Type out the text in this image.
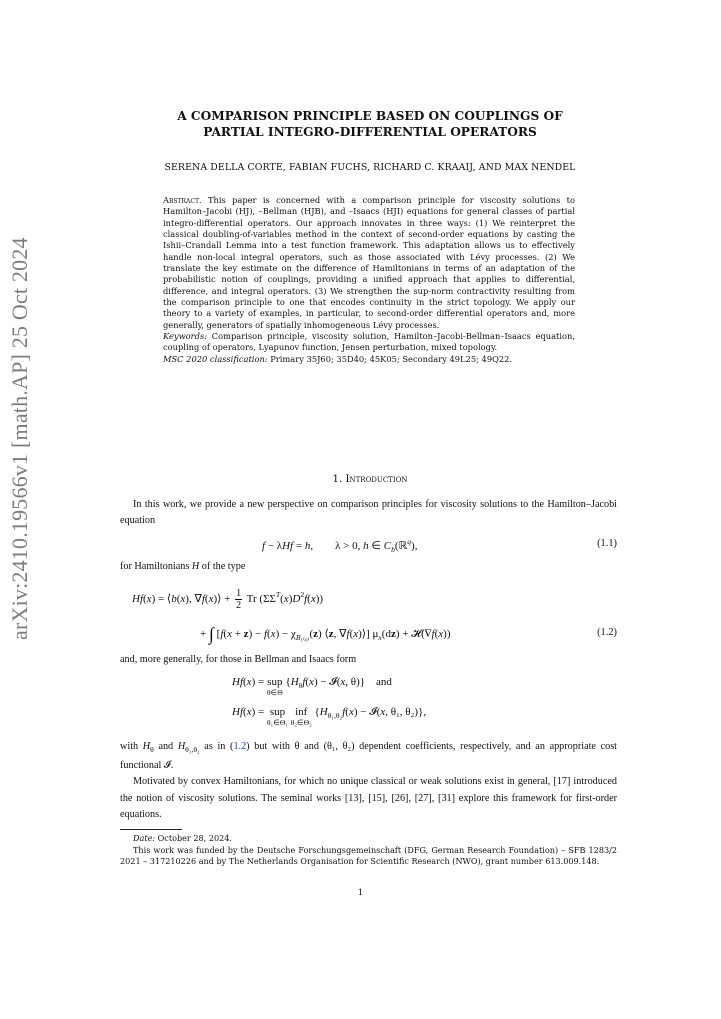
arXiv:2410.19566v1 [math.AP] 25 Oct 2024
A COMPARISON PRINCIPLE BASED ON COUPLINGS OF
PARTIAL INTEGRO-DIFFERENTIAL OPERATORS
SERENA DELLA CORTE, FABIAN FUCHS, RICHARD C. KRAAIJ, AND MAX NENDEL

Abstract. This paper is concerned with a comparison principle for viscosity solutions to Hamilton–Jacobi (HJ), –Bellman (HJB), and –Isaacs (HJI) equations for general classes of partial integro-differential operators. Our approach innovates in three ways: (1) We reinterpret the classical doubling-of-variables method in the context of second-order equations by casting the Ishii–Crandall Lemma into a test function framework. This adaptation allows us to effectively handle non-local integral operators, such as those associated with Lévy processes. (2) We translate the key estimate on the difference of Hamiltonians in terms of an adaptation of the probabilistic notion of couplings, providing a unified approach that applies to differential, difference, and integral operators. (3) We strengthen the sup-norm contractivity resulting from the comparison principle to one that encodes continuity in the strict topology. We apply our theory to a variety of examples, in particular, to second-order differential operators and, more generally, generators of spatially inhomogeneous Lévy processes.

Keywords: Comparison principle, viscosity solution, Hamilton–Jacobi-Bellman–Isaacs equation, coupling of operators, Lyapunov function, Jensen perturbation, mixed topology.

MSC 2020 classification: Primary 35J60; 35D40; 45K05; Secondary 49L25; 49Q22.

1. Introduction

In this work, we provide a new perspective on comparison principles for viscosity solutions to the Hamilton–Jacobi equation

f − λHf = h,        λ > 0, h ∈ $C_b(ℝ^q)$,	(1.1)

for Hamiltonians H of the type

Hf(x) = ⟨b(x), ∇f(x)⟩ + $\frac{1}{2}$ Tr $(\Sigma\Sigma^T(x)D^2f(x))$
+ ∫ [$f(x + z) - f(x) - \chi_{B_{1(0)}}(z)$ ⟨z, ∇f(x)⟩] $\mu_x(dz)$ + 𝓗(∇f(x))	(1.2)

and, more generally, for those in Bellman and Isaacs form

Hf(x) = sup
θ∈Θ
{$H_\theta f(x)$ − 𝓘(x, θ)}    and
Hf(x) = sup
θ₁∈Θ₁
inf
θ₂∈Θ₂
{$H_{\theta_1,\theta_2}f(x)$ − 𝓘(x, θ₁, θ₂)},

with $H_\theta$ and $H_{\theta_1,\theta_2}$ as in (1.2) but with θ and (θ₁, θ₂) dependent coefficients, respectively, and an appropriate cost functional 𝓘.

Motivated by convex Hamiltonians, for which no unique classical or weak solutions exist in general, [17] introduced the notion of viscosity solutions. The seminal works [13], [15], [26], [27], [31] explore this framework for first-order equations.

Date: October 28, 2024.

This work was funded by the Deutsche Forschungsgemeinschaft (DFG, German Research Foundation) – SFB 1283/2 2021 – 317210226 and by The Netherlands Organisation for Scientific Research (NWO), grant number 613.009.148.

1
